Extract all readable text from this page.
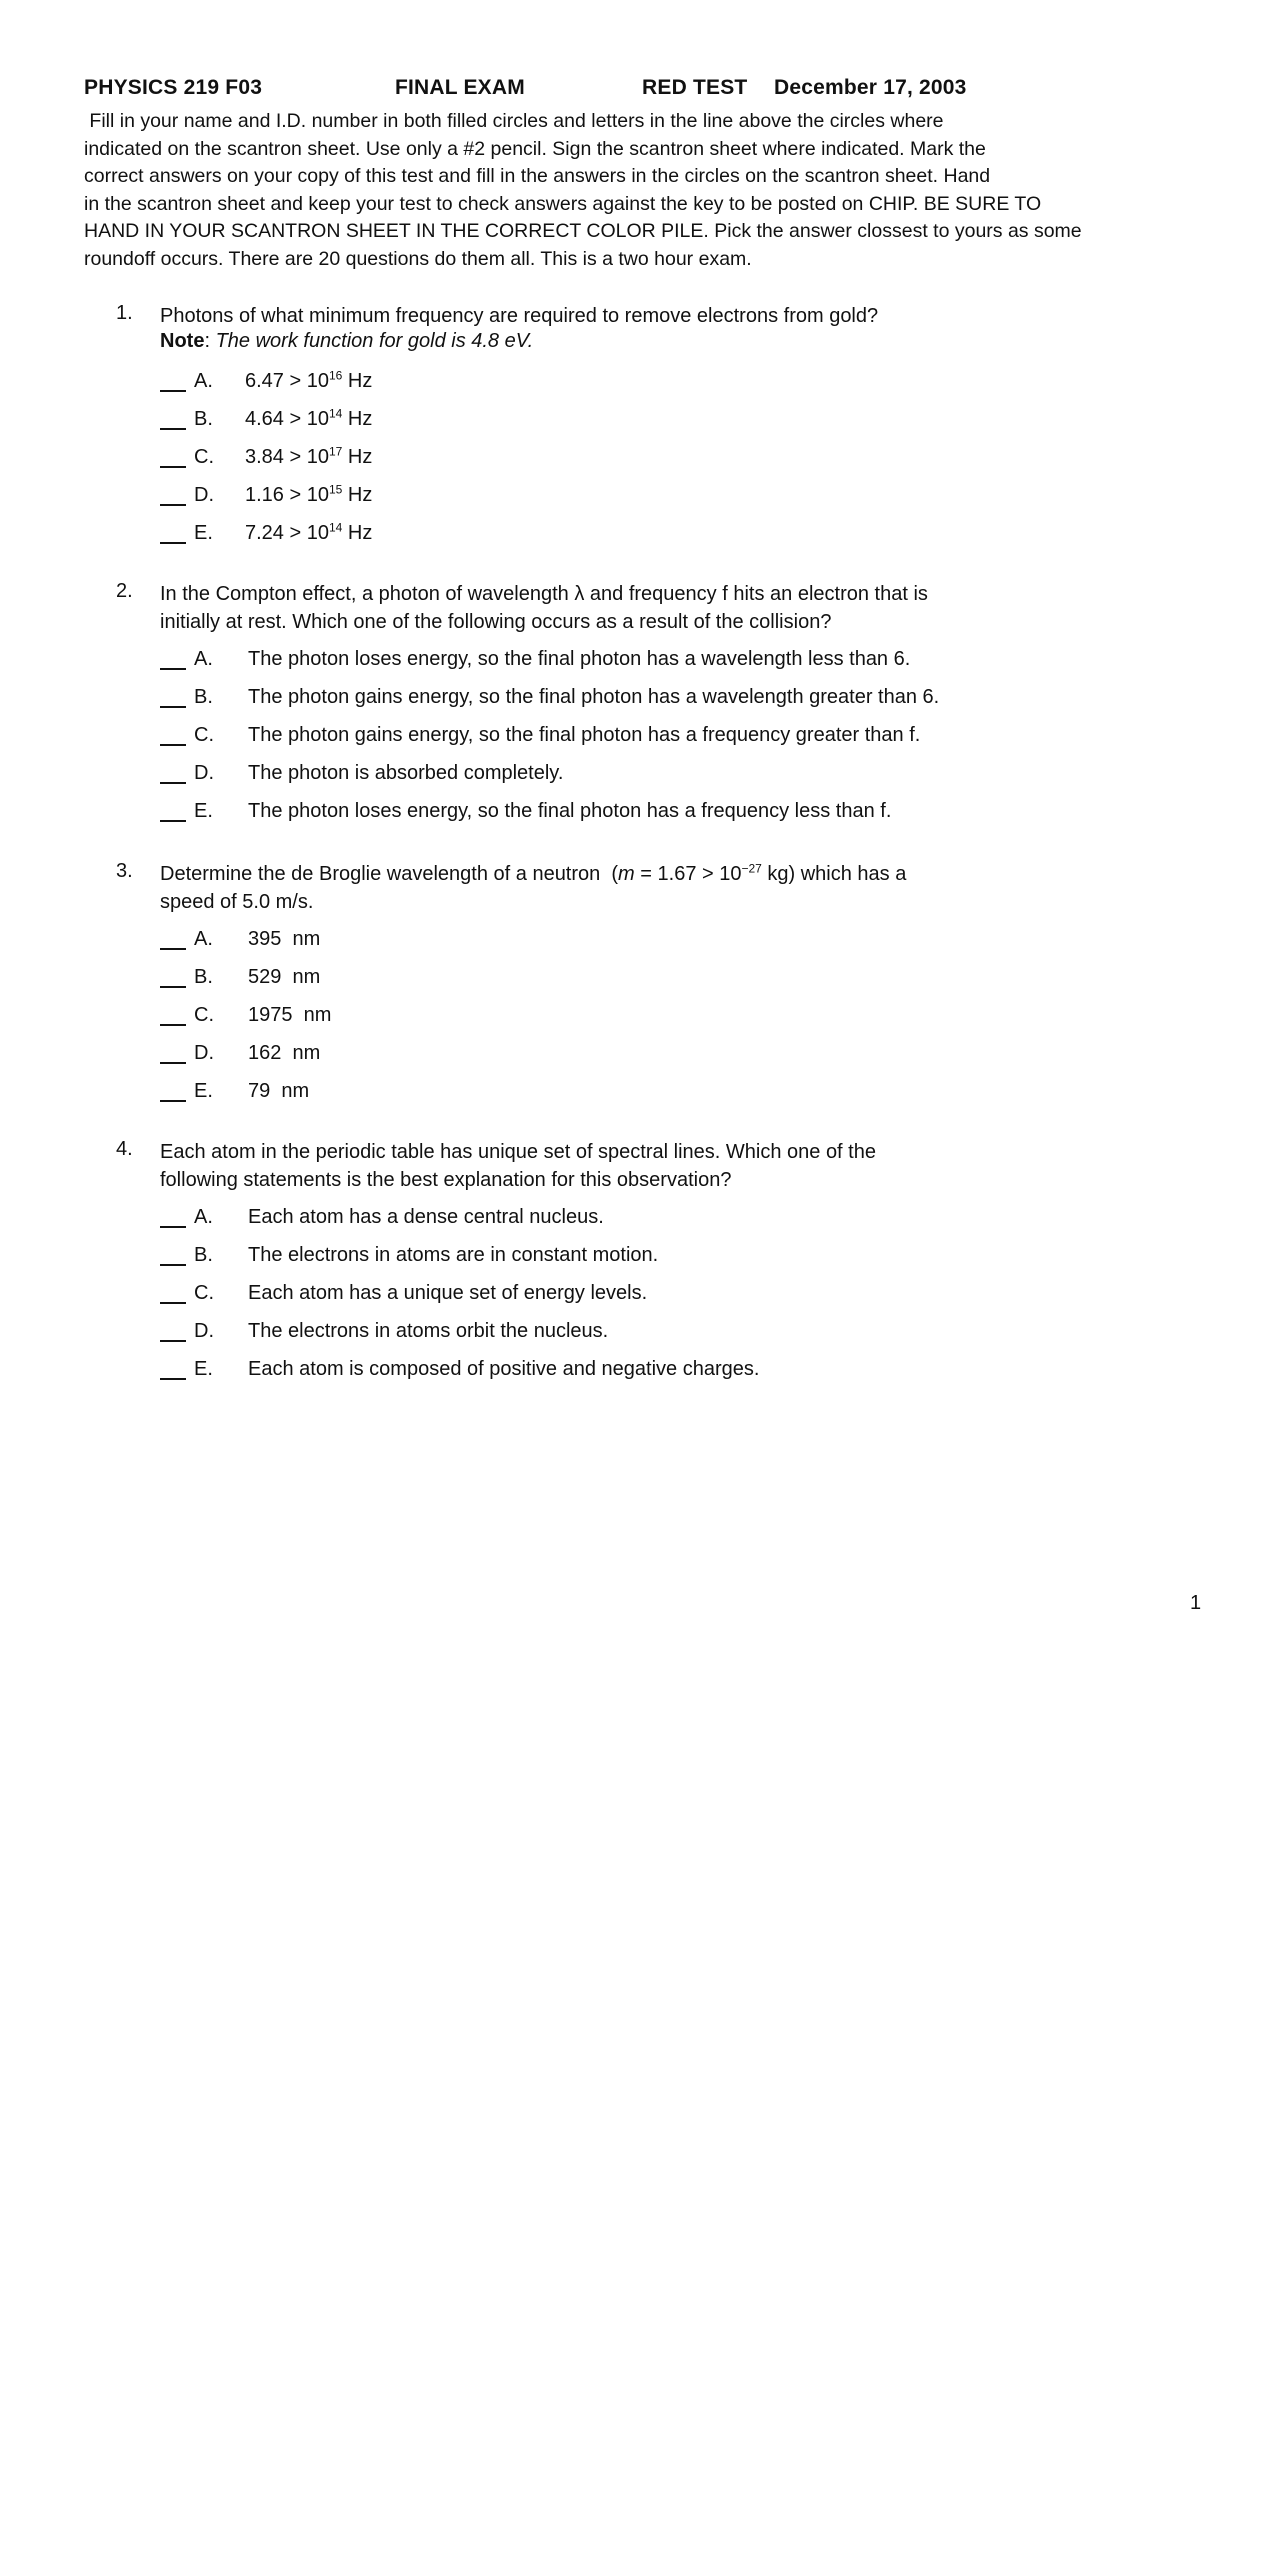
PHYSICS 219 F03	FINAL EXAM	RED TEST December 17, 2003
Fill in your name and I.D. number in both filled circles and letters in the line above the circles where
indicated on the scantron sheet. Use only a #2 pencil. Sign the scantron sheet where indicated. Mark the
correct answers on your copy of this test and fill in the answers in the circles on the scantron sheet. Hand
in the scantron sheet and keep your test to check answers against the key to be posted on CHIP. BE SURE TO
HAND IN YOUR SCANTRON SHEET IN THE CORRECT COLOR PILE. Pick the answer clossest to yours as some
roundoff occurs. There are 20 questions do them all. This is a two hour exam.
1. Photons of what minimum frequency are required to remove electrons from gold?
Note: The work function for gold is 4.8 eV.
A. $6.47 > 10^{16}$ Hz
B. $4.64 > 10^{14}$ Hz
C. $3.84 > 10^{17}$ Hz
D. $1.16 > 10^{15}$ Hz
E. $7.24 > 10^{14}$ Hz
2. In the Compton effect, a photon of wavelength λ and frequency f hits an electron that is
initially at rest. Which one of the following occurs as a result of the collision?
A. The photon loses energy, so the final photon has a wavelength less than 6.
B. The photon gains energy, so the final photon has a wavelength greater than 6.
C. The photon gains energy, so the final photon has a frequency greater than f.
D. The photon is absorbed completely.
E. The photon loses energy, so the final photon has a frequency less than f.
3. Determine the de Broglie wavelength of a neutron  ($m = 1.67 > 10^{-27}$ kg) which has a
speed of 5.0 m/s.
A. 395  nm
B. 529  nm
C. 1975  nm
D. 162  nm
E. 79  nm
4. Each atom in the periodic table has unique set of spectral lines. Which one of the
following statements is the best explanation for this observation?
A. Each atom has a dense central nucleus.
B. The electrons in atoms are in constant motion.
C. Each atom has a unique set of energy levels.
D. The electrons in atoms orbit the nucleus.
E. Each atom is composed of positive and negative charges.
1
